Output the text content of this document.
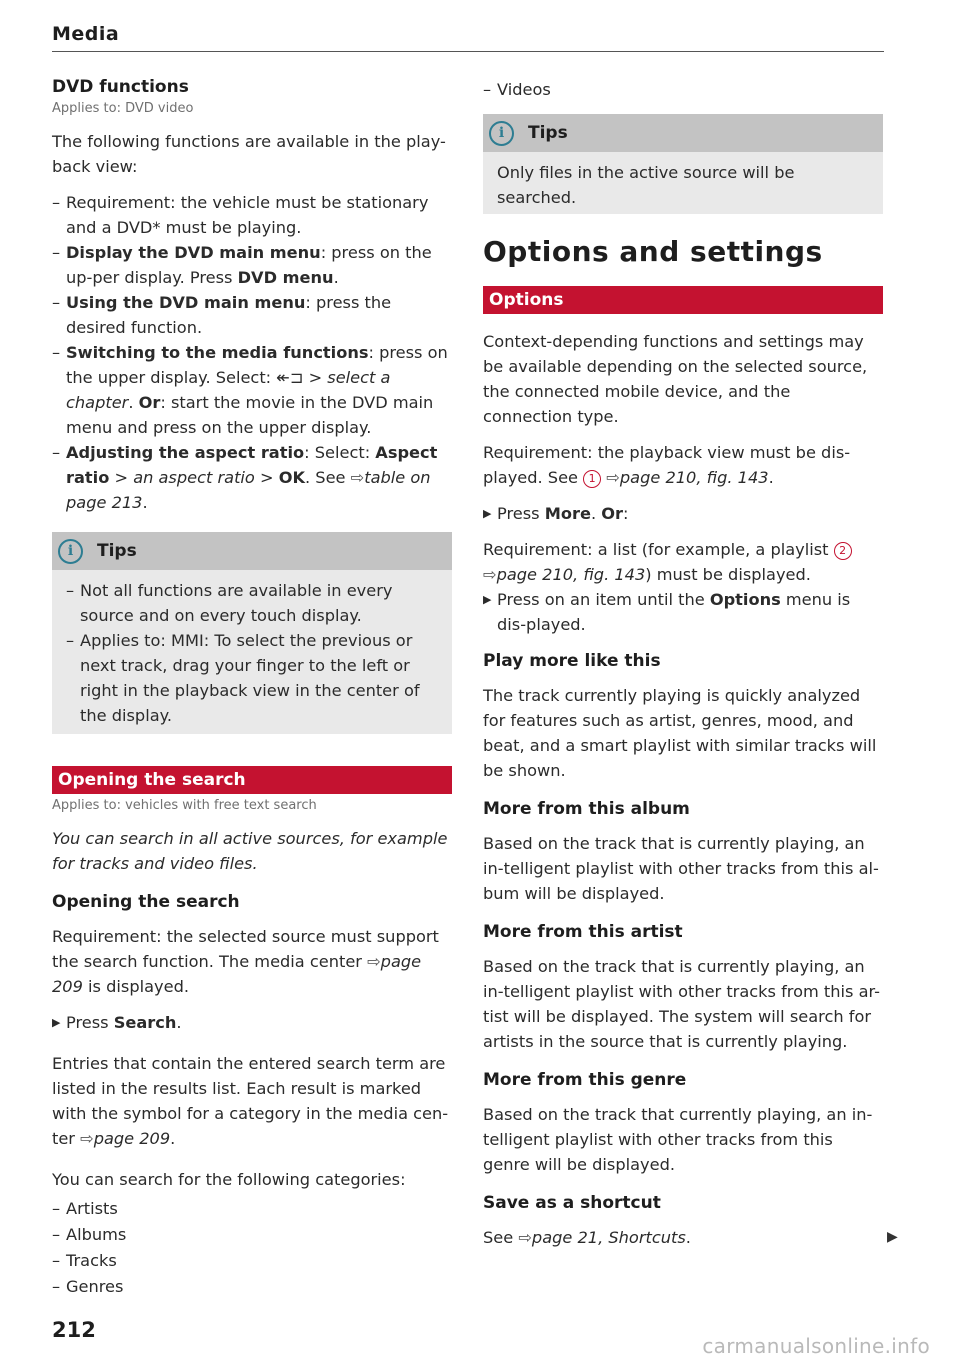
Media
DVD functions

Applies to: DVD video

The following functions are available in the play-back view:

– Requirement: the vehicle must be stationary and a DVD* must be playing.

– Display the DVD main menu: press on the up-per display. Press DVD menu.

– Using the DVD main menu: press the desired function.

– Switching to the media functions: press on the upper display. Select: ↞⊐ > select a chapter. Or: start the movie in the DVD main menu and press on the upper display.

– Adjusting the aspect ratio: Select: Aspect ratio > an aspect ratio > OK. See ⇨table on page 213.

i	Tips

– Not all functions are available in every source and on every touch display.

– Applies to: MMI: To select the previous or next track, drag your finger to the left or right in the playback view in the center of the display.

Opening the search

Applies to: vehicles with free text search

You can search in all active sources, for example for tracks and video files.

Opening the search

Requirement: the selected source must support the search function. The media center ⇨page 209 is displayed.

▶ Press Search.

Entries that contain the entered search term are listed in the results list. Each result is marked with the symbol for a category in the media cen-ter ⇨page 209.

You can search for the following categories:

– Artists

– Albums

– Tracks

– Genres

– Videos

i	Tips

Only files in the active source will be searched.

Options and settings
Options

Context-depending functions and settings may be available depending on the selected source, the connected mobile device, and the connection type.

Requirement: the playback view must be dis-played. See 1 ⇨page 210, fig. 143.

▶ Press More. Or:

Requirement: a list (for example, a playlist 2
⇨page 210, fig. 143) must be displayed.

▶ Press on an item until the Options menu is dis-played.

Play more like this

The track currently playing is quickly analyzed for features such as artist, genres, mood, and beat, and a smart playlist with similar tracks will be shown.

More from this album

Based on the track that is currently playing, an in-telligent playlist with other tracks from this al-bum will be displayed.

More from this artist

Based on the track that is currently playing, an in-telligent playlist with other tracks from this ar-tist will be displayed. The system will search for artists in the source that is currently playing.

More from this genre

Based on the track that currently playing, an in-telligent playlist with other tracks from this genre will be displayed.

Save as a shortcut

See ⇨page 21, Shortcuts.	▶
212
carmanualsonline.info
